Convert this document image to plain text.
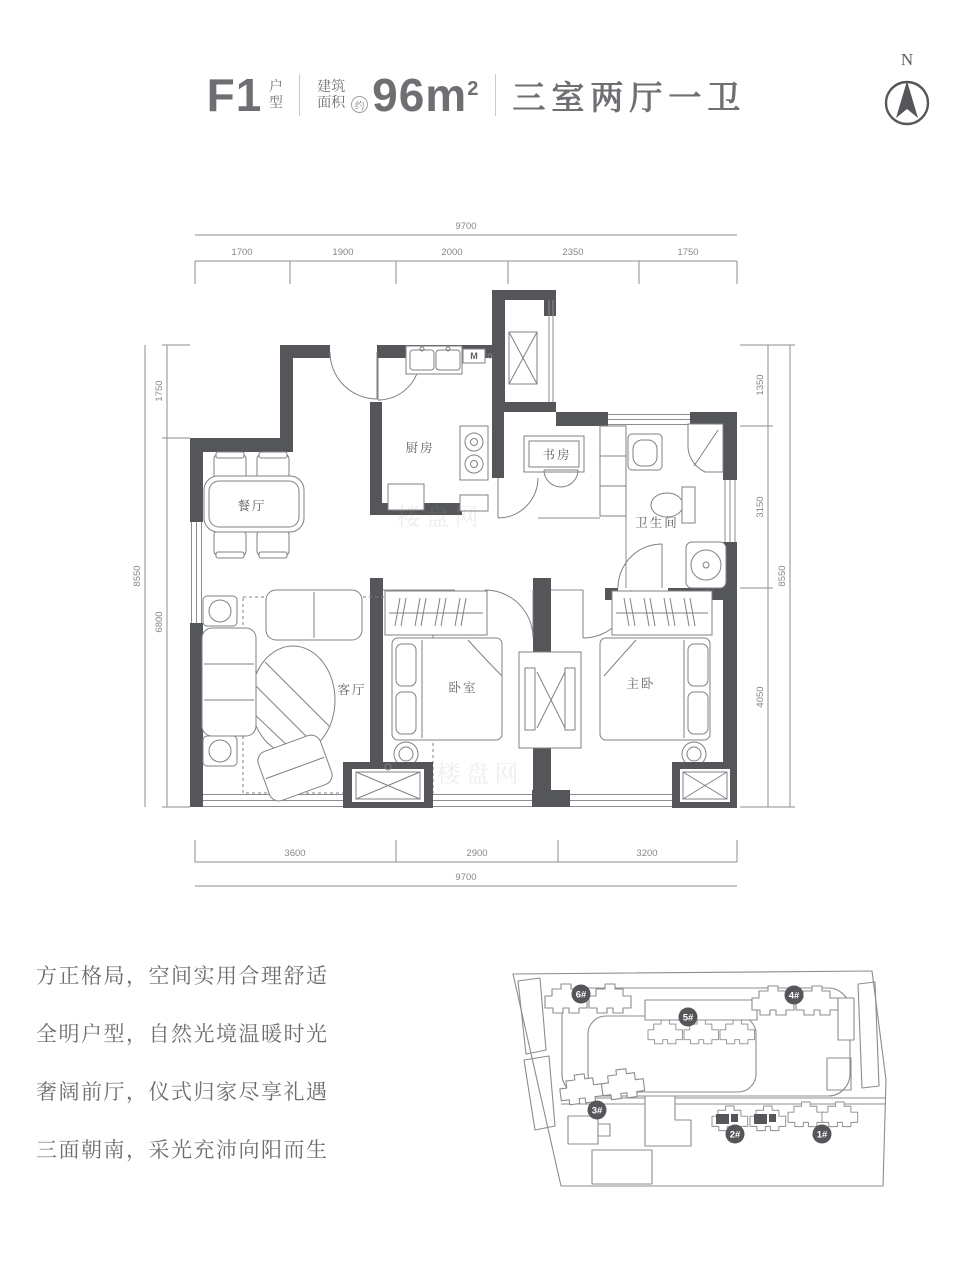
F1 户型
建筑面积	约 $96m^2$ 三室两厅一卫
N
9700
1700	1900	2000	2350	1750
3600	2900	3200
9700
8550
1750
6800
1350
3150
4050
8550
M
餐厅
厨房	书房
卫生间
客厅	卧室	主卧
楼盘网
楼盘网

方正格局，空间实用合理舒适

全明户型，自然光境温暖时光

奢阔前厅，仪式归家尽享礼遇

三面朝南，采光充沛向阳而生

6#
5#
4#
3#
2#	1#
